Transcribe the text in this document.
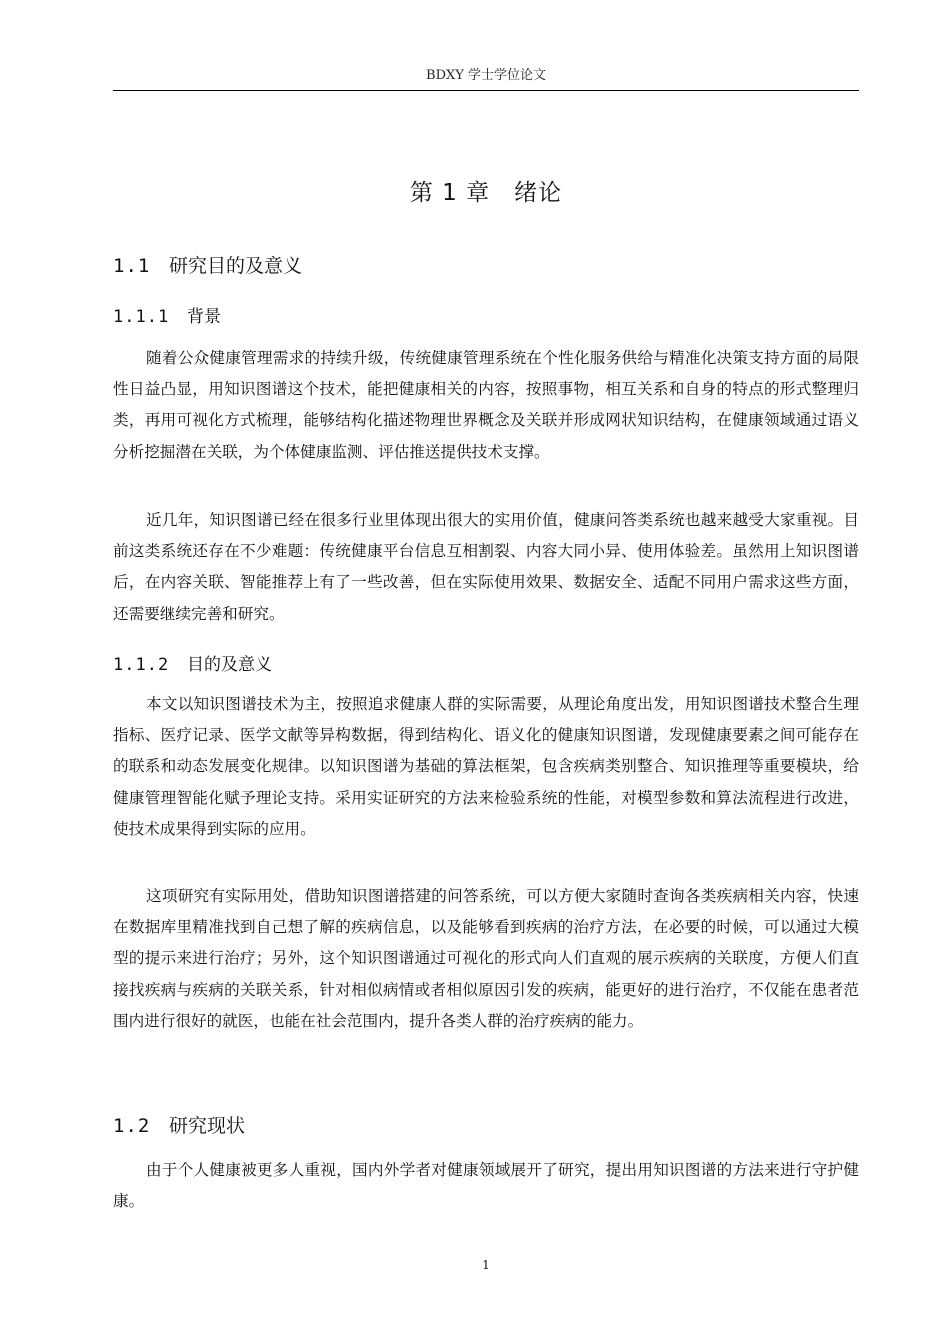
BDXY 学士学位论文
第 1 章　绪论
1.1 研究目的及意义
1.1.1 背景

随着公众健康管理需求的持续升级，传统健康管理系统在个性化服务供给与精准化决策支持方面的局限性日益凸显，用知识图谱这个技术，能把健康相关的内容，按照事物，相互关系和自身的特点的形式整理归类，再用可视化方式梳理，能够结构化描述物理世界概念及关联并形成网状知识结构，在健康领域通过语义分析挖掘潜在关联，为个体健康监测、评估推送提供技术支撑。

近几年，知识图谱已经在很多行业里体现出很大的实用价值，健康问答类系统也越来越受大家重视。目前这类系统还存在不少难题：传统健康平台信息互相割裂、内容大同小异、使用体验差。虽然用上知识图谱后，在内容关联、智能推荐上有了一些改善，但在实际使用效果、数据安全、适配不同用户需求这些方面，还需要继续完善和研究。

1.1.2 目的及意义

本文以知识图谱技术为主，按照追求健康人群的实际需要，从理论角度出发，用知识图谱技术整合生理指标、医疗记录、医学文献等异构数据，得到结构化、语义化的健康知识图谱，发现健康要素之间可能存在的联系和动态发展变化规律。以知识图谱为基础的算法框架，包含疾病类别整合、知识推理等重要模块，给健康管理智能化赋予理论支持。采用实证研究的方法来检验系统的性能，对模型参数和算法流程进行改进，使技术成果得到实际的应用。

这项研究有实际用处，借助知识图谱搭建的问答系统，可以方便大家随时查询各类疾病相关内容，快速在数据库里精准找到自己想了解的疾病信息，以及能够看到疾病的治疗方法，在必要的时候，可以通过大模型的提示来进行治疗；另外，这个知识图谱通过可视化的形式向人们直观的展示疾病的关联度，方便人们直接找疾病与疾病的关联关系，针对相似病情或者相似原因引发的疾病，能更好的进行治疗，不仅能在患者范围内进行很好的就医，也能在社会范围内，提升各类人群的治疗疾病的能力。

1.2 研究现状

由于个人健康被更多人重视，国内外学者对健康领域展开了研究，提出用知识图谱的方法来进行守护健康。

1
